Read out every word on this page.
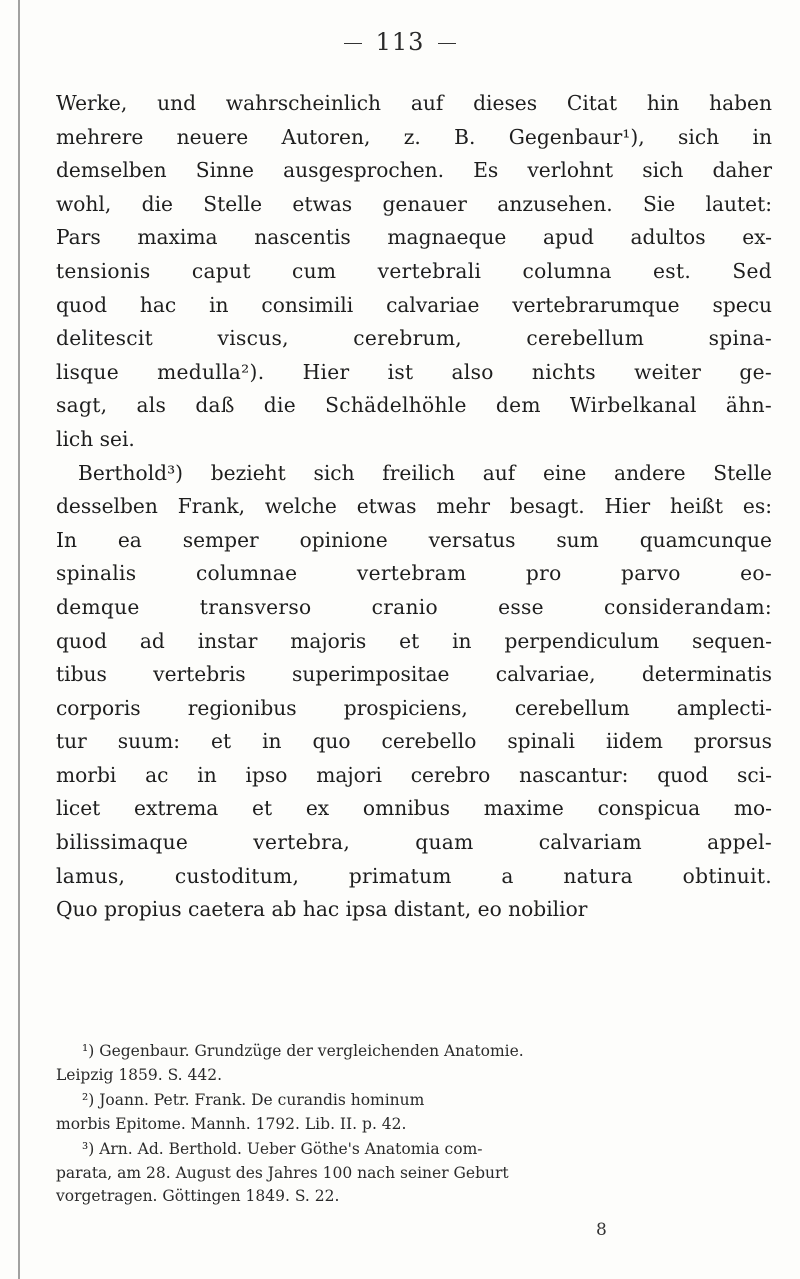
113
Werke, und wahrscheinlich auf dieses Citat hin haben
mehrere neuere Autoren, z. B. Gegenbaur¹), sich in
demselben Sinne ausgesprochen. Es verlohnt sich daher
wohl, die Stelle etwas genauer anzusehen. Sie lautet:
Pars maxima nascentis magnaeque apud adultos ex-
tensionis caput cum vertebrali columna est. Sed
quod hac in consimili calvariae vertebrarumque specu
delitescit viscus, cerebrum, cerebellum spina-
lisque medulla²). Hier ist also nichts weiter ge-
sagt, als daß die Schädelhöhle dem Wirbelkanal ähn-
lich sei.
Berthold³) bezieht sich freilich auf eine andere Stelle
desselben Frank, welche etwas mehr besagt. Hier heißt es:
In ea semper opinione versatus sum quamcunque
spinalis columnae vertebram pro parvo eo-
demque transverso cranio esse considerandam:
quod ad instar majoris et in perpendiculum sequen-
tibus vertebris superimpositae calvariae, determinatis
corporis regionibus prospiciens, cerebellum amplecti-
tur suum: et in quo cerebello spinali iidem prorsus
morbi ac in ipso majori cerebro nascantur: quod sci-
licet extrema et ex omnibus maxime conspicua mo-
bilissimaque vertebra, quam calvariam appel-
lamus, custoditum, primatum a natura obtinuit.
Quo propius caetera ab hac ipsa distant, eo nobilior
¹) Gegenbaur. Grundzüge der vergleichenden Anatomie.
Leipzig 1859. S. 442.
²) Joann. Petr. Frank. De curandis hominum
morbis Epitome. Mannh. 1792. Lib. II. p. 42.
³) Arn. Ad. Berthold. Ueber Göthe's Anatomia com-
parata, am 28. August des Jahres 100 nach seiner Geburt
vorgetragen. Göttingen 1849. S. 22.
8
